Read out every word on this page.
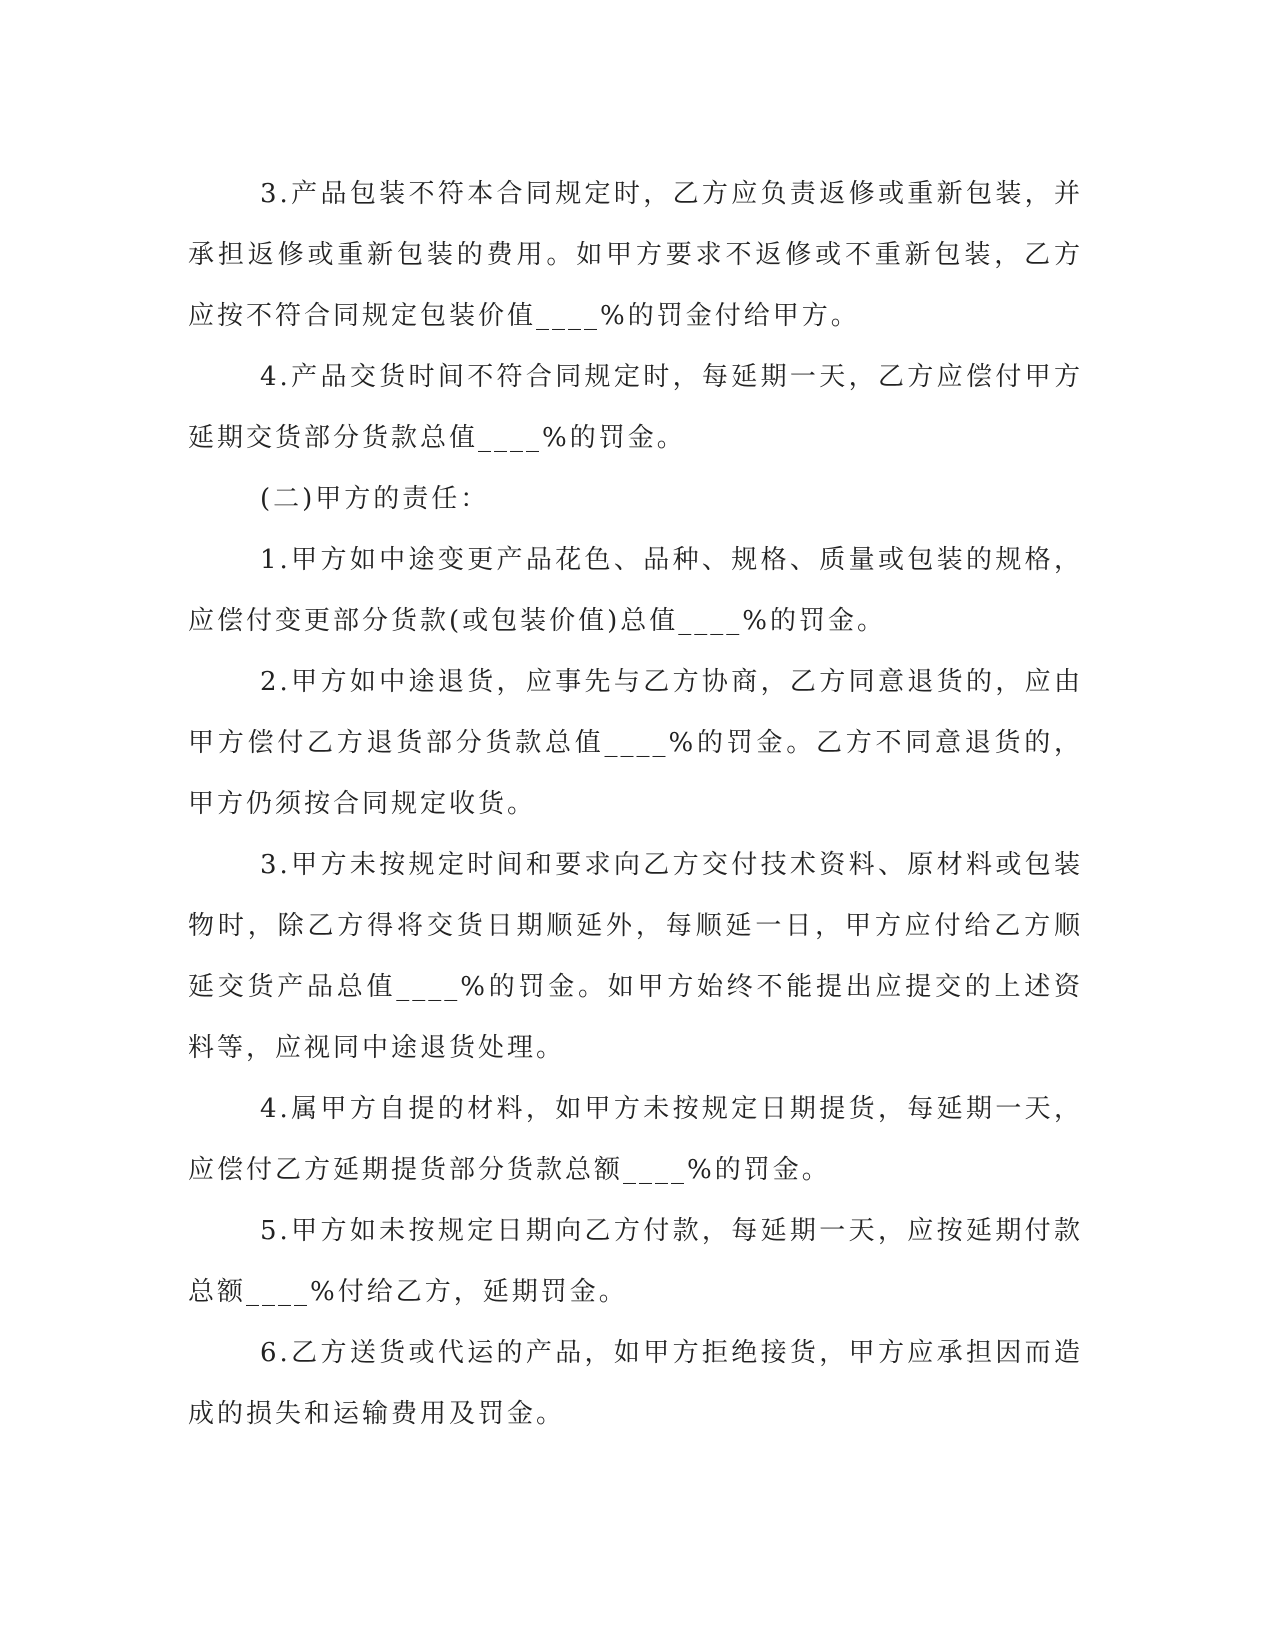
3.产品包装不符本合同规定时，乙方应负责返修或重新包装，并承担返修或重新包装的费用。如甲方要求不返修或不重新包装，乙方应按不符合同规定包装价值____%的罚金付给甲方。

4.产品交货时间不符合同规定时，每延期一天，乙方应偿付甲方延期交货部分货款总值____%的罚金。

(二)甲方的责任：

1.甲方如中途变更产品花色、品种、规格、质量或包装的规格，应偿付变更部分货款(或包装价值)总值____%的罚金。

2.甲方如中途退货，应事先与乙方协商，乙方同意退货的，应由甲方偿付乙方退货部分货款总值____%的罚金。乙方不同意退货的，甲方仍须按合同规定收货。

3.甲方未按规定时间和要求向乙方交付技术资料、原材料或包装物时，除乙方得将交货日期顺延外，每顺延一日，甲方应付给乙方顺延交货产品总值____%的罚金。如甲方始终不能提出应提交的上述资料等，应视同中途退货处理。

4.属甲方自提的材料，如甲方未按规定日期提货，每延期一天，应偿付乙方延期提货部分货款总额____%的罚金。

5.甲方如未按规定日期向乙方付款，每延期一天，应按延期付款总额____%付给乙方，延期罚金。

6.乙方送货或代运的产品，如甲方拒绝接货，甲方应承担因而造成的损失和运输费用及罚金。
